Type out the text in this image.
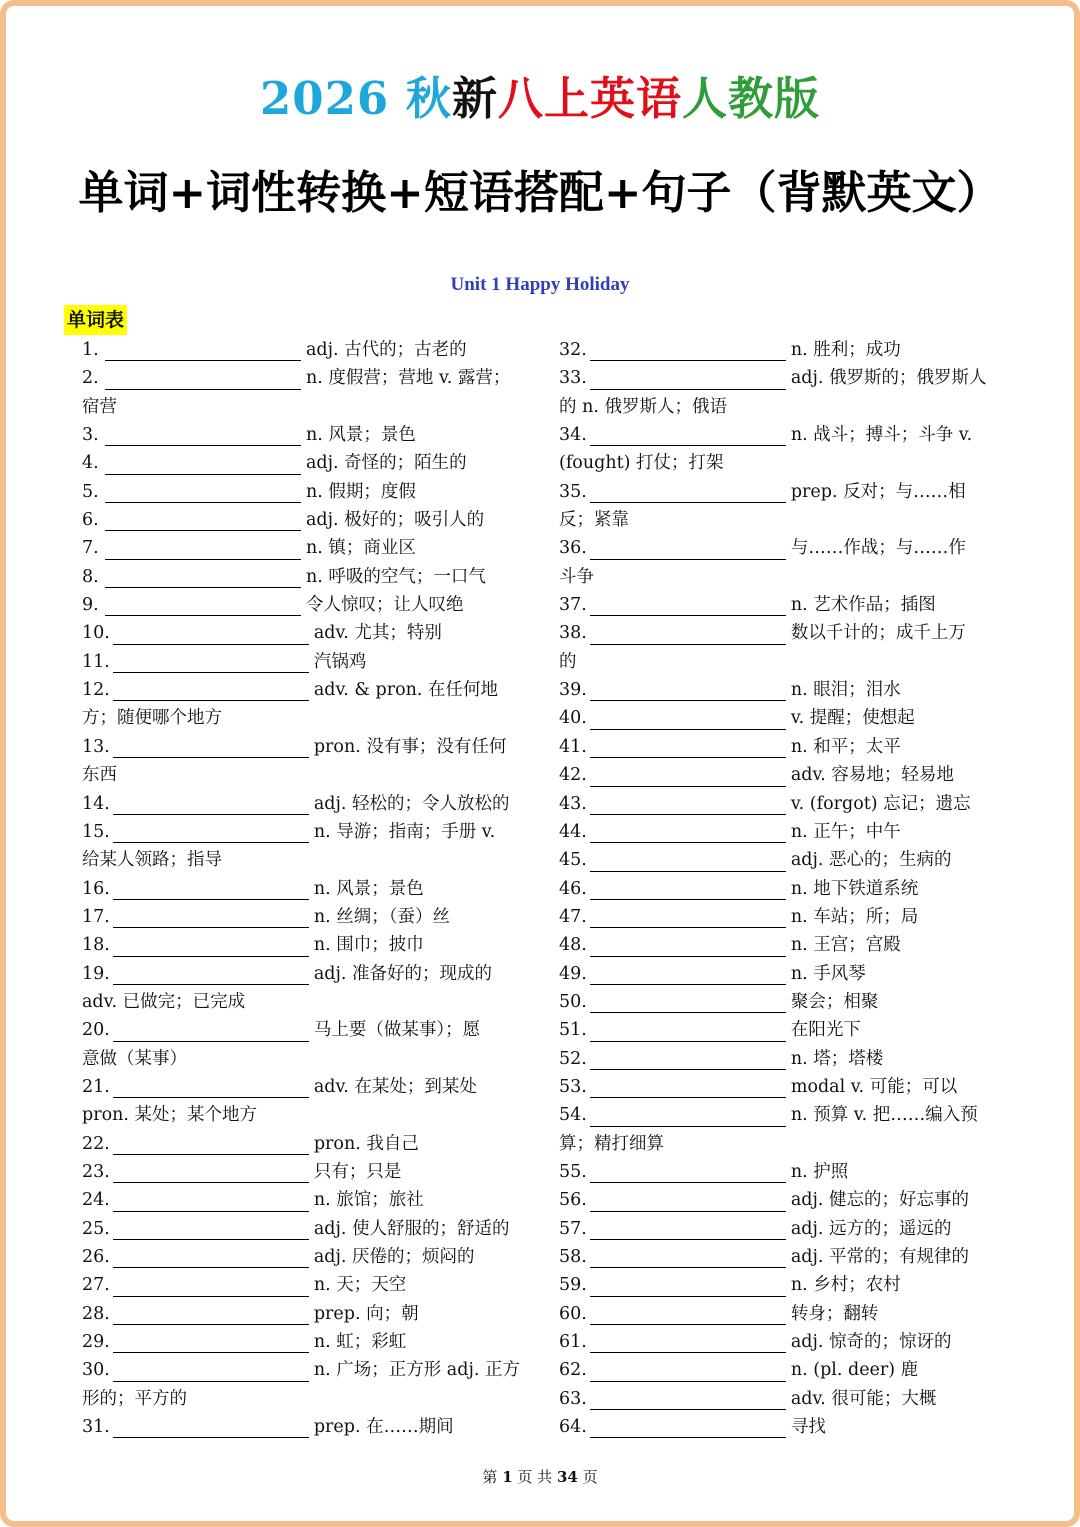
2026 秋新八上英语人教版
单词+词性转换+短语搭配+句子（背默英文）
Unit 1 Happy Holiday
单词表
1.	adj. 古代的；古老的
2.	n. 度假营；营地 v. 露营；
宿营
3.	n. 风景；景色
4.	adj. 奇怪的；陌生的
5.	n. 假期；度假
6.	adj. 极好的；吸引人的
7.	n. 镇；商业区
8.	n. 呼吸的空气；一口气
9.	令人惊叹；让人叹绝
10.	adv. 尤其；特别
11.	汽锅鸡
12.	adv. & pron. 在任何地
方；随便哪个地方
13.	pron. 没有事；没有任何
东西
14.	adj. 轻松的；令人放松的
15.	n. 导游；指南；手册 v.
给某人领路；指导
16.	n. 风景；景色
17.	n. 丝绸；（蚕）丝
18.	n. 围巾；披巾
19.	adj. 准备好的；现成的
adv. 已做完；已完成
20.	马上要（做某事）；愿
意做（某事）
21.	adv. 在某处；到某处
pron. 某处；某个地方
22.	pron. 我自己
23.	只有；只是
24.	n. 旅馆；旅社
25.	adj. 使人舒服的；舒适的
26.	adj. 厌倦的；烦闷的
27.	n. 天；天空
28.	prep. 向；朝
29.	n. 虹；彩虹
30.	n. 广场；正方形 adj. 正方
形的；平方的
31.	prep. 在……期间
32.	n. 胜利；成功
33.	adj. 俄罗斯的；俄罗斯人
的 n. 俄罗斯人；俄语
34.	n. 战斗；搏斗；斗争 v.
(fought) 打仗；打架
35.	prep. 反对；与……相
反；紧靠
36.	与……作战；与……作
斗争
37.	n. 艺术作品；插图
38.	数以千计的；成千上万
的
39.	n. 眼泪；泪水
40.	v. 提醒；使想起
41.	n. 和平；太平
42.	adv. 容易地；轻易地
43.	v. (forgot) 忘记；遗忘
44.	n. 正午；中午
45.	adj. 恶心的；生病的
46.	n. 地下铁道系统
47.	n. 车站；所；局
48.	n. 王宫；宫殿
49.	n. 手风琴
50.	聚会；相聚
51.	在阳光下
52.	n. 塔；塔楼
53.	modal v. 可能；可以
54.	n. 预算 v. 把……编入预
算；精打细算
55.	n. 护照
56.	adj. 健忘的；好忘事的
57.	adj. 远方的；遥远的
58.	adj. 平常的；有规律的
59.	n. 乡村；农村
60.	转身；翻转
61.	adj. 惊奇的；惊讶的
62.	n. (pl. deer) 鹿
63.	adv. 很可能；大概
64.	寻找
第 1 页 共 34 页
